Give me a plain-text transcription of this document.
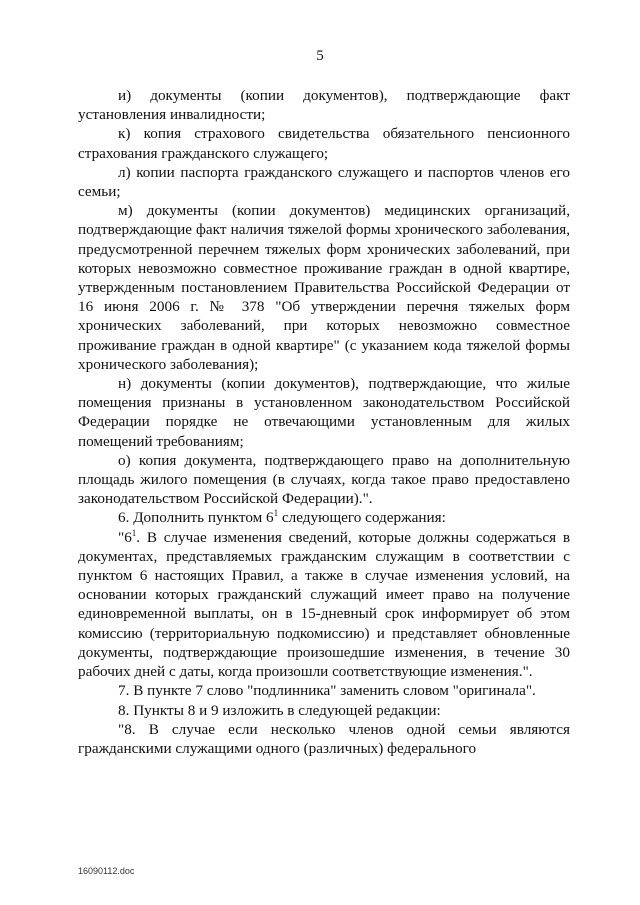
5

и) документы (копии документов), подтверждающие факт установления инвалидности;

к) копия страхового свидетельства обязательного пенсионного страхования гражданского служащего;

л) копии паспорта гражданского служащего и паспортов членов его семьи;

м) документы (копии документов) медицинских организаций, подтверждающие факт наличия тяжелой формы хронического заболевания, предусмотренной перечнем тяжелых форм хронических заболеваний, при которых невозможно совместное проживание граждан в одной квартире, утвержденным постановлением Правительства Российской Федерации от 16 июня 2006 г. № 378 "Об утверждении перечня тяжелых форм хронических заболеваний, при которых невозможно совместное проживание граждан в одной квартире" (с указанием кода тяжелой формы хронического заболевания);

н) документы (копии документов), подтверждающие, что жилые помещения признаны в установленном законодательством Российской Федерации порядке не отвечающими установленным для жилых помещений требованиям;

о) копия документа, подтверждающего право на дополнительную площадь жилого помещения (в случаях, когда такое право предоставлено законодательством Российской Федерации).".

6. Дополнить пунктом $6^1$ следующего содержания:

"$6^1$. В случае изменения сведений, которые должны содержаться в документах, представляемых гражданским служащим в соответствии с пунктом 6 настоящих Правил, а также в случае изменения условий, на основании которых гражданский служащий имеет право на получение единовременной выплаты, он в 15-дневный срок информирует об этом комиссию (территориальную подкомиссию) и представляет обновленные документы, подтверждающие произошедшие изменения, в течение 30 рабочих дней с даты, когда произошли соответствующие изменения.".

7. В пункте 7 слово "подлинника" заменить словом "оригинала".

8. Пункты 8 и 9 изложить в следующей редакции:

"8. В случае если несколько членов одной семьи являются гражданскими служащими одного (различных) федерального

16090112.doc
